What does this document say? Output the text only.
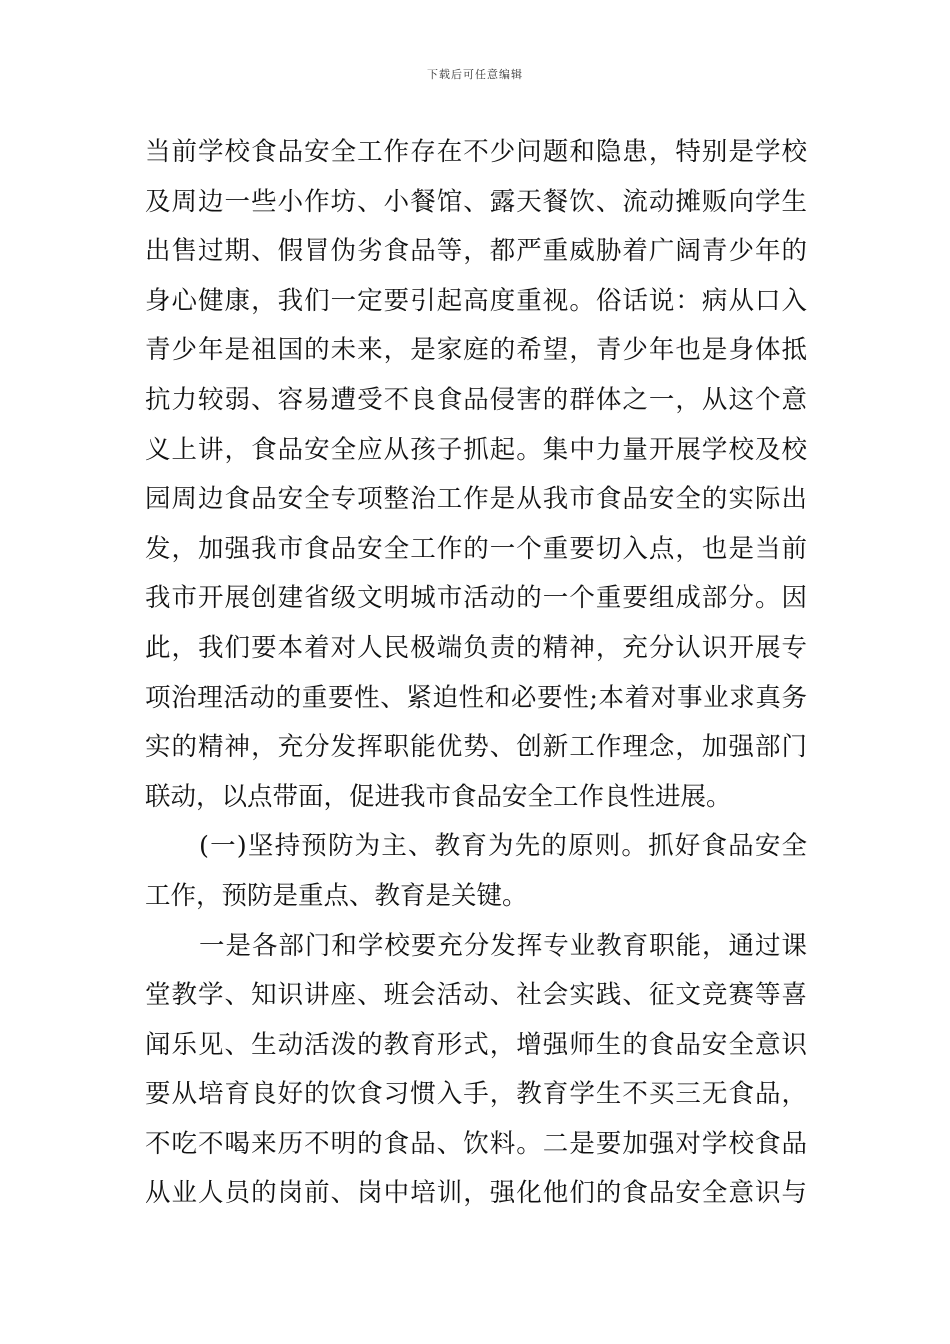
下载后可任意编辑
当前学校食品安全工作存在不少问题和隐患，特别是学校
及周边一些小作坊、小餐馆、露天餐饮、流动摊贩向学生
出售过期、假冒伪劣食品等，都严重威胁着广阔青少年的
身心健康，我们一定要引起高度重视。俗话说：病从口入
青少年是祖国的未来，是家庭的希望，青少年也是身体抵
抗力较弱、容易遭受不良食品侵害的群体之一，从这个意
义上讲，食品安全应从孩子抓起。集中力量开展学校及校
园周边食品安全专项整治工作是从我市食品安全的实际出
发，加强我市食品安全工作的一个重要切入点，也是当前
我市开展创建省级文明城市活动的一个重要组成部分。因
此，我们要本着对人民极端负责的精神，充分认识开展专
项治理活动的重要性、紧迫性和必要性;本着对事业求真务
实的精神，充分发挥职能优势、创新工作理念，加强部门
联动，以点带面，促进我市食品安全工作良性进展。
(一)坚持预防为主、教育为先的原则。抓好食品安全
工作，预防是重点、教育是关键。
一是各部门和学校要充分发挥专业教育职能，通过课
堂教学、知识讲座、班会活动、社会实践、征文竞赛等喜
闻乐见、生动活泼的教育形式，增强师生的食品安全意识
要从培育良好的饮食习惯入手，教育学生不买三无食品，
不吃不喝来历不明的食品、饮料。二是要加强对学校食品
从业人员的岗前、岗中培训，强化他们的食品安全意识与
